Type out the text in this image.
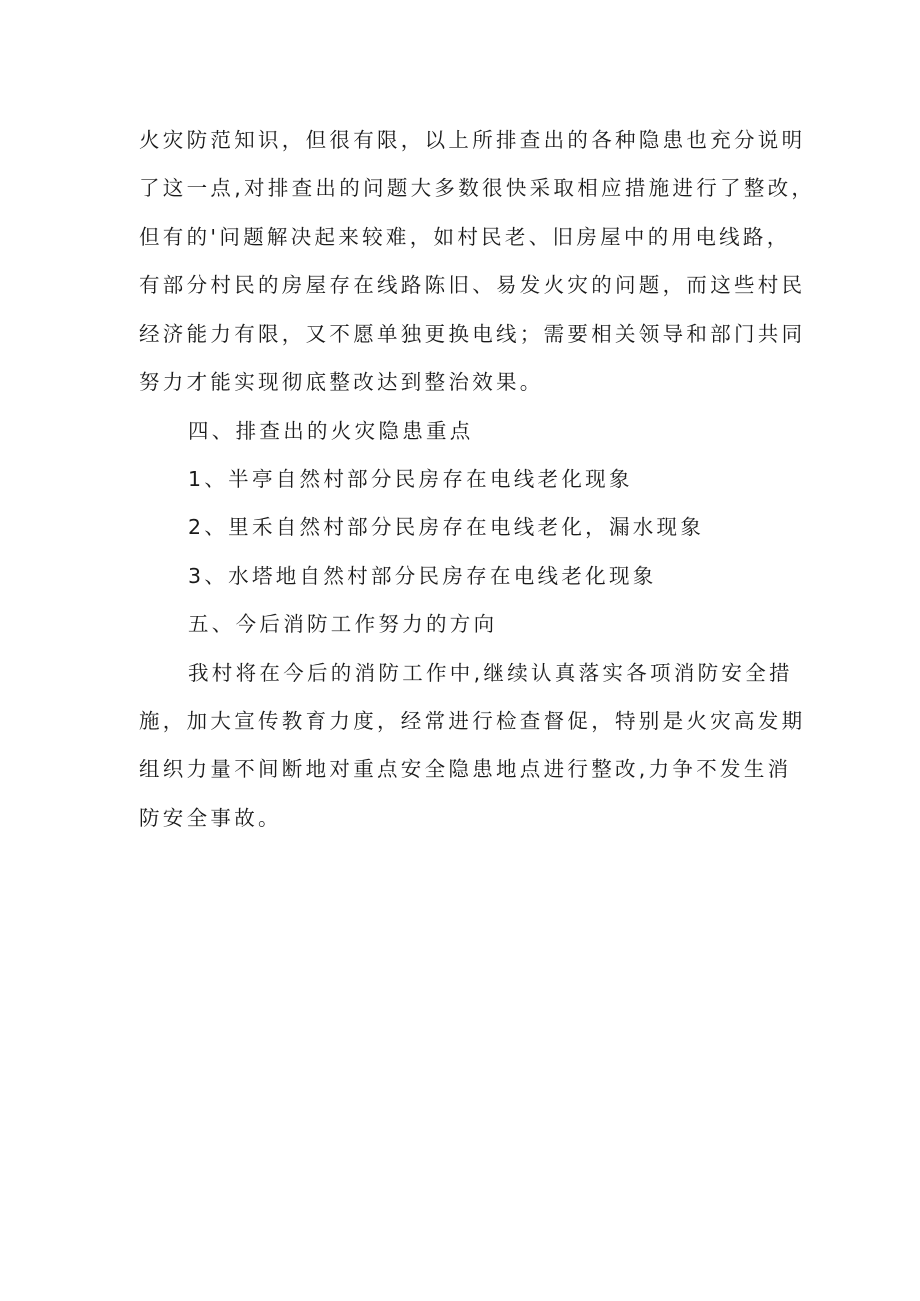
火灾防范知识，但很有限，以上所排查出的各种隐患也充分说明
了这一点,对排查出的问题大多数很快采取相应措施进行了整改，
但有的'问题解决起来较难，如村民老、旧房屋中的用电线路，
有部分村民的房屋存在线路陈旧、易发火灾的问题，而这些村民
经济能力有限，又不愿单独更换电线；需要相关领导和部门共同
努力才能实现彻底整改达到整治效果。
四、排查出的火灾隐患重点
1、半亭自然村部分民房存在电线老化现象
2、里禾自然村部分民房存在电线老化，漏水现象
3、水塔地自然村部分民房存在电线老化现象
五、今后消防工作努力的方向
我村将在今后的消防工作中,继续认真落实各项消防安全措
施，加大宣传教育力度，经常进行检查督促，特别是火灾高发期
组织力量不间断地对重点安全隐患地点进行整改,力争不发生消
防安全事故。
